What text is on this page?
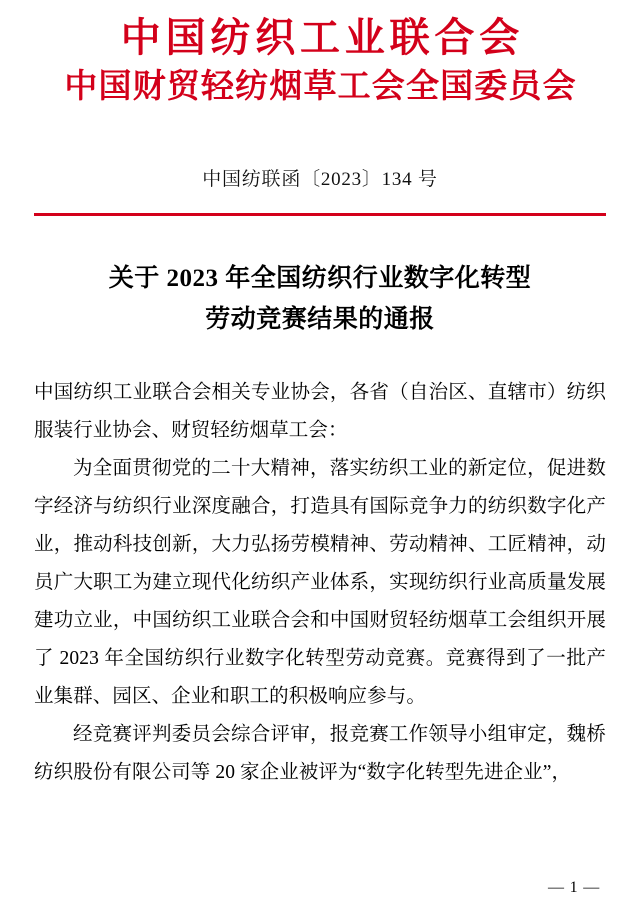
中国纺织工业联合会
中国财贸轻纺烟草工会全国委员会
中国纺联函〔2023〕134 号
关于 2023 年全国纺织行业数字化转型
劳动竞赛结果的通报

中国纺织工业联合会相关专业协会，各省（自治区、直辖市）纺织服装行业协会、财贸轻纺烟草工会：

为全面贯彻党的二十大精神，落实纺织工业的新定位，促进数字经济与纺织行业深度融合，打造具有国际竞争力的纺织数字化产业，推动科技创新，大力弘扬劳模精神、劳动精神、工匠精神，动员广大职工为建立现代化纺织产业体系，实现纺织行业高质量发展建功立业，中国纺织工业联合会和中国财贸轻纺烟草工会组织开展了 2023 年全国纺织行业数字化转型劳动竞赛。竞赛得到了一批产业集群、园区、企业和职工的积极响应参与。

经竞赛评判委员会综合评审，报竞赛工作领导小组审定，魏桥纺织股份有限公司等 20 家企业被评为“数字化转型先进企业”，

— 1 —
